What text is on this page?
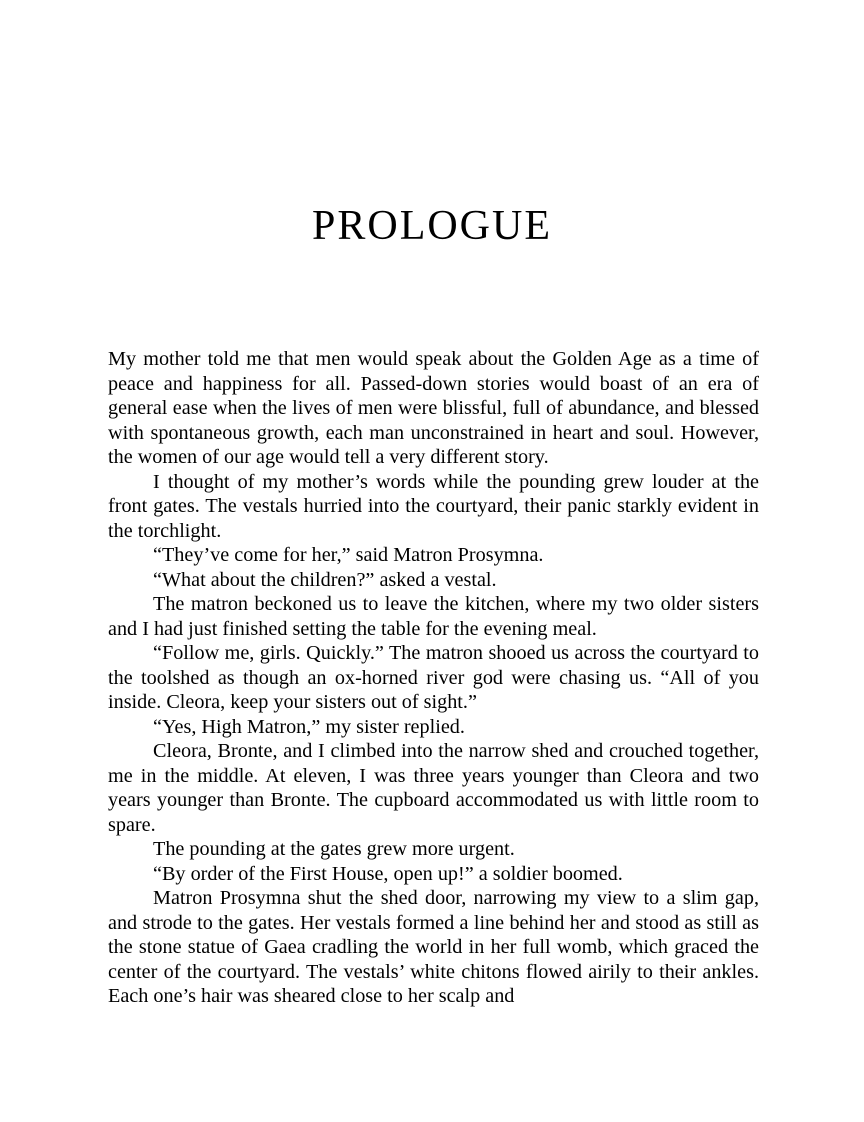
PROLOGUE

My mother told me that men would speak about the Golden Age as a time of peace and happiness for all. Passed-down stories would boast of an era of general ease when the lives of men were blissful, full of abundance, and blessed with spontaneous growth, each man unconstrained in heart and soul. However, the women of our age would tell a very different story.

I thought of my mother’s words while the pounding grew louder at the front gates. The vestals hurried into the courtyard, their panic starkly evident in the torchlight.

“They’ve come for her,” said Matron Prosymna.

“What about the children?” asked a vestal.

The matron beckoned us to leave the kitchen, where my two older sisters and I had just finished setting the table for the evening meal.

“Follow me, girls. Quickly.” The matron shooed us across the courtyard to the toolshed as though an ox-horned river god were chasing us. “All of you inside. Cleora, keep your sisters out of sight.”

“Yes, High Matron,” my sister replied.

Cleora, Bronte, and I climbed into the narrow shed and crouched together, me in the middle. At eleven, I was three years younger than Cleora and two years younger than Bronte. The cupboard accommodated us with little room to spare.

The pounding at the gates grew more urgent.

“By order of the First House, open up!” a soldier boomed.

Matron Prosymna shut the shed door, narrowing my view to a slim gap, and strode to the gates. Her vestals formed a line behind her and stood as still as the stone statue of Gaea cradling the world in her full womb, which graced the center of the courtyard. The vestals’ white chitons flowed airily to their ankles. Each one’s hair was sheared close to her scalp and
